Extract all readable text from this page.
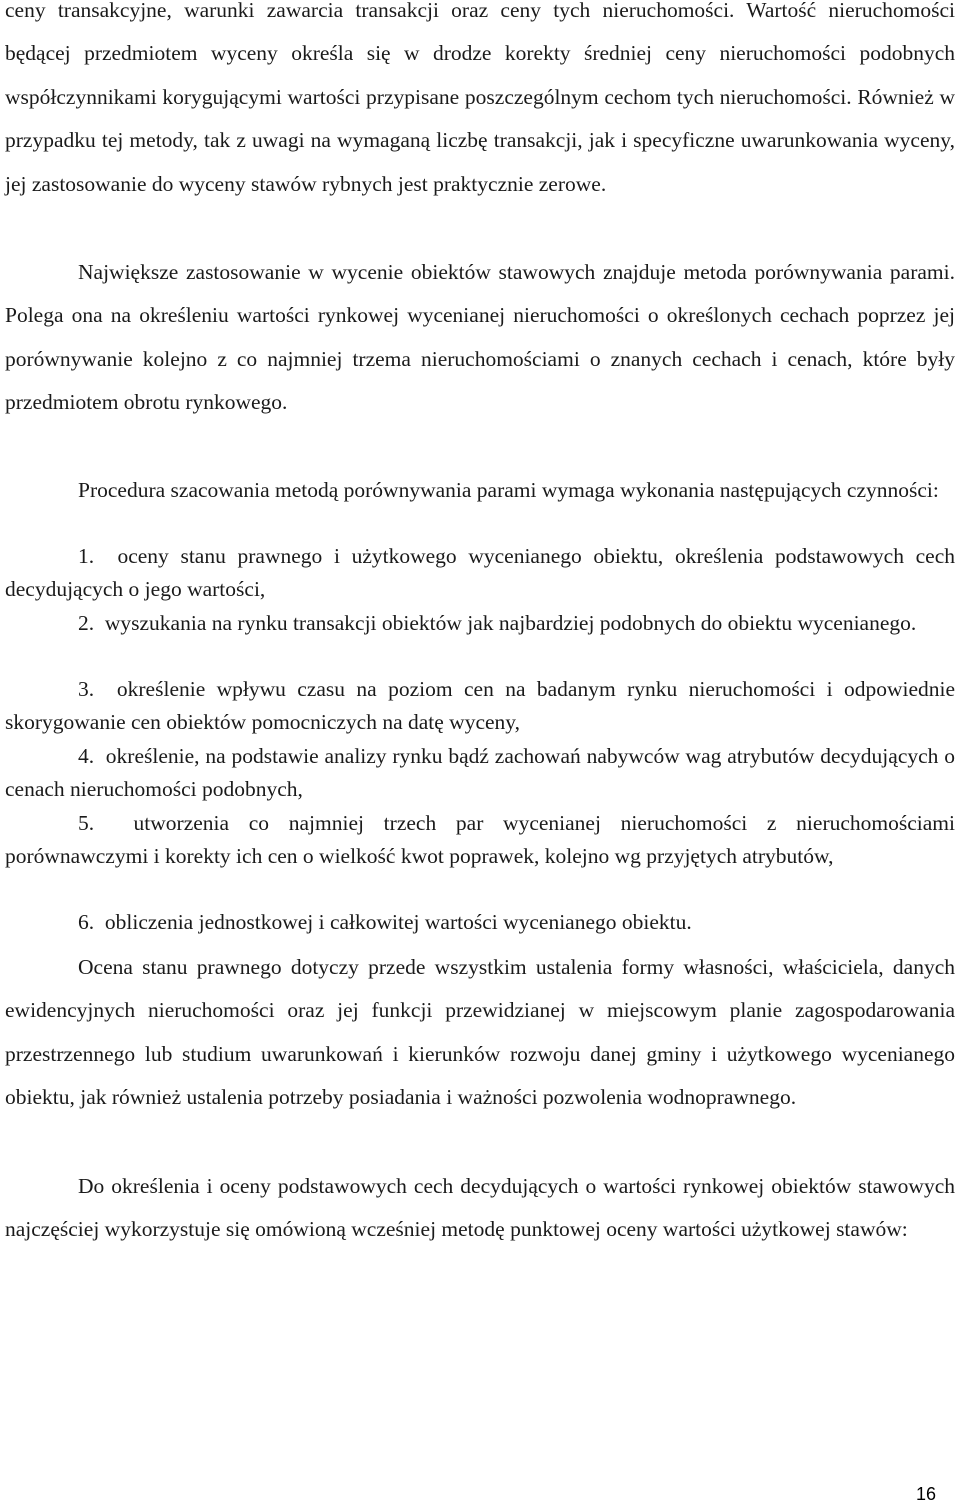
ceny transakcyjne, warunki zawarcia transakcji oraz ceny tych nieruchomości. Wartość nieruchomości będącej przedmiotem wyceny określa się w drodze korekty średniej ceny nieruchomości podobnych współczynnikami korygującymi wartości przypisane poszczególnym cechom tych nieruchomości. Również w przypadku tej metody, tak z uwagi na wymaganą liczbę transakcji, jak i specyficzne uwarunkowania wyceny, jej zastosowanie do wyceny stawów rybnych jest praktycznie zerowe.

Największe zastosowanie w wycenie obiektów stawowych znajduje metoda porównywania parami. Polega ona na określeniu wartości rynkowej wycenianej nieruchomości o określonych cechach poprzez jej porównywanie kolejno z co najmniej trzema nieruchomościami o znanych cechach i cenach, które były przedmiotem obrotu rynkowego.

Procedura szacowania metodą porównywania parami wymaga wykonania następujących czynności:

1.  oceny stanu prawnego i użytkowego wycenianego obiektu, określenia podstawowych cech decydujących o jego wartości,

2.  wyszukania na rynku transakcji obiektów jak najbardziej podobnych do obiektu wycenianego.

3.  określenie wpływu czasu na poziom cen na badanym rynku nieruchomości i odpowiednie skorygowanie cen obiektów pomocniczych na datę wyceny,

4.  określenie, na podstawie analizy rynku bądź zachowań nabywców wag atrybutów decydujących o cenach nieruchomości podobnych,

5.  utworzenia co najmniej trzech par wycenianej nieruchomości z nieruchomościami porównawczymi i korekty ich cen o wielkość kwot poprawek, kolejno wg przyjętych atrybutów,

6.  obliczenia jednostkowej i całkowitej wartości wycenianego obiektu.

Ocena stanu prawnego dotyczy przede wszystkim ustalenia formy własności, właściciela, danych ewidencyjnych nieruchomości oraz jej funkcji przewidzianej w miejscowym planie zagospodarowania przestrzennego lub studium uwarunkowań i kierunków rozwoju danej gminy i użytkowego wycenianego obiektu, jak również ustalenia potrzeby posiadania i ważności pozwolenia wodnoprawnego.

Do określenia i oceny podstawowych cech decydujących o wartości rynkowej obiektów stawowych najczęściej wykorzystuje się omówioną wcześniej metodę punktowej oceny wartości użytkowej stawów:

16
